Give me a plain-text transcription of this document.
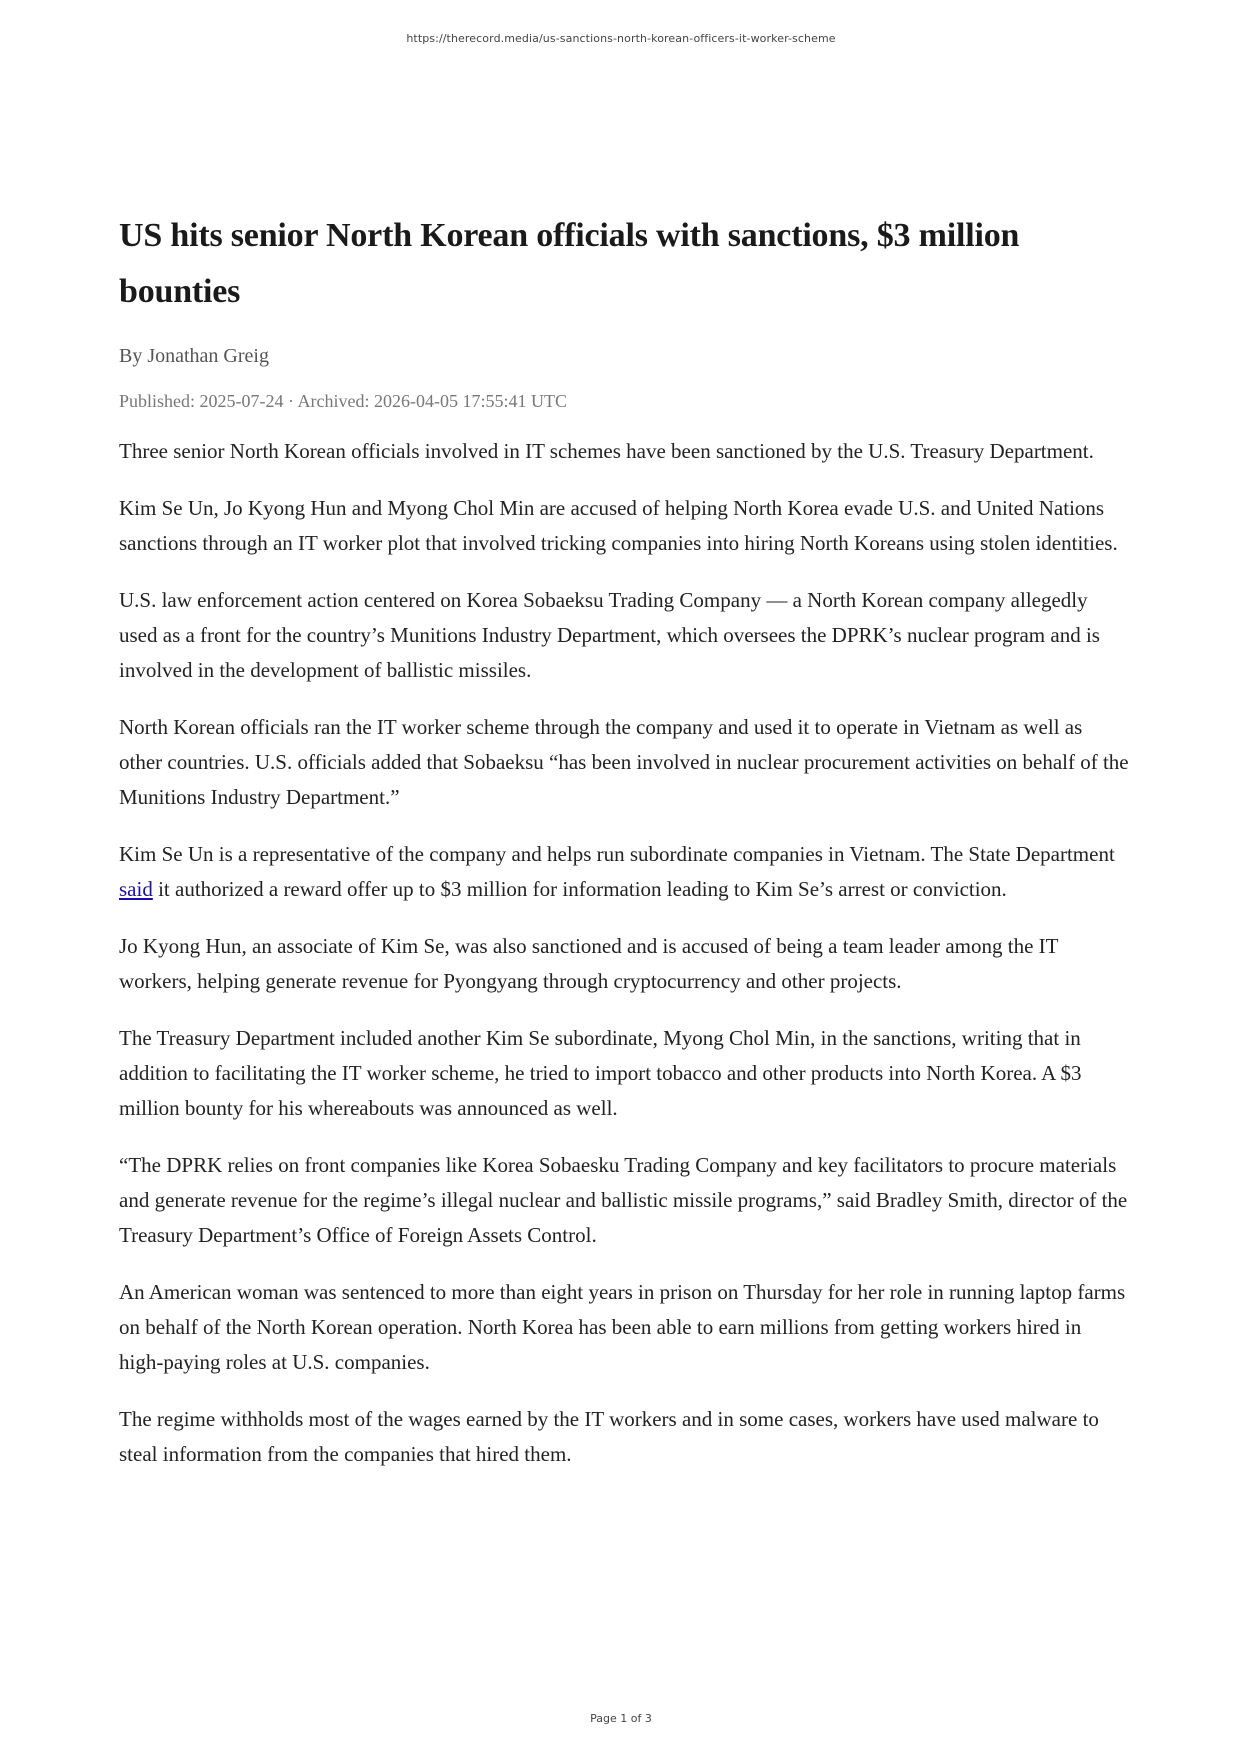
https://therecord.media/us-sanctions-north-korean-officers-it-worker-scheme
US hits senior North Korean officials with sanctions, $3 million bounties
By Jonathan Greig
Published: 2025-07-24 · Archived: 2026-04-05 17:55:41 UTC

Three senior North Korean officials involved in IT schemes have been sanctioned by the U.S. Treasury Department.

Kim Se Un, Jo Kyong Hun and Myong Chol Min are accused of helping North Korea evade U.S. and United Nations sanctions through an IT worker plot that involved tricking companies into hiring North Koreans using stolen identities.

U.S. law enforcement action centered on Korea Sobaeksu Trading Company — a North Korean company allegedly used as a front for the country’s Munitions Industry Department, which oversees the DPRK’s nuclear program and is involved in the development of ballistic missiles.

North Korean officials ran the IT worker scheme through the company and used it to operate in Vietnam as well as other countries. U.S. officials added that Sobaeksu “has been involved in nuclear procurement activities on behalf of the Munitions Industry Department.”

Kim Se Un is a representative of the company and helps run subordinate companies in Vietnam. The State Department said it authorized a reward offer up to $3 million for information leading to Kim Se’s arrest or conviction.

Jo Kyong Hun, an associate of Kim Se, was also sanctioned and is accused of being a team leader among the IT workers, helping generate revenue for Pyongyang through cryptocurrency and other projects.

The Treasury Department included another Kim Se subordinate, Myong Chol Min, in the sanctions, writing that in addition to facilitating the IT worker scheme, he tried to import tobacco and other products into North Korea. A $3 million bounty for his whereabouts was announced as well.

“The DPRK relies on front companies like Korea Sobaesku Trading Company and key facilitators to procure materials and generate revenue for the regime’s illegal nuclear and ballistic missile programs,” said Bradley Smith, director of the Treasury Department’s Office of Foreign Assets Control.

An American woman was sentenced to more than eight years in prison on Thursday for her role in running laptop farms on behalf of the North Korean operation. North Korea has been able to earn millions from getting workers hired in high-paying roles at U.S. companies.

The regime withholds most of the wages earned by the IT workers and in some cases, workers have used malware to steal information from the companies that hired them.

Page 1 of 3
